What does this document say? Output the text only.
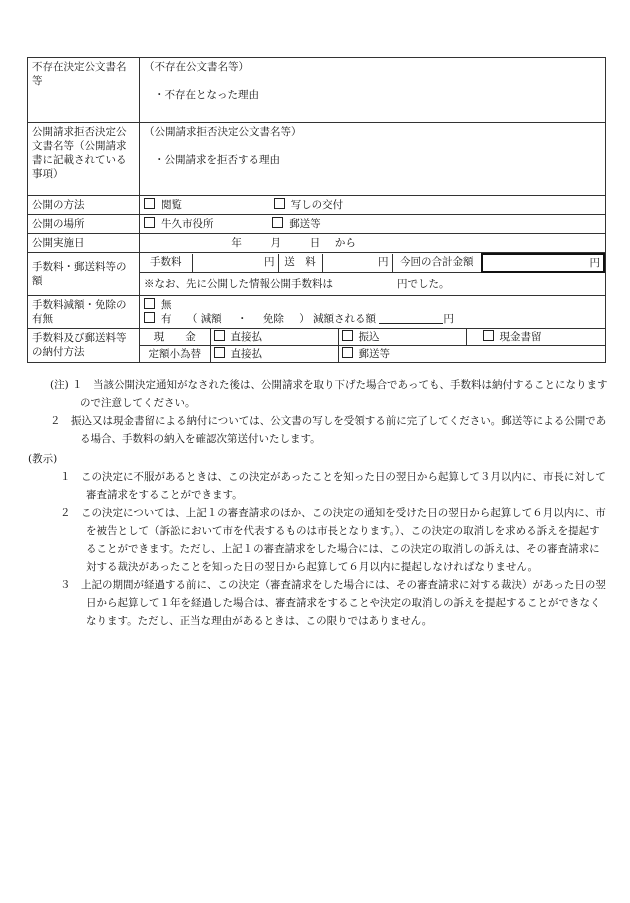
不存在決定公文書名等	
（不存在公文書名等）
・不存在となった理由

公開請求拒否決定公文書名等（公開請求書に記載されている事項）	
（公開請求拒否決定公文書名等）
・公開請求を拒否する理由

公開の方法	閲覧	写しの交付
公開の場所	牛久市役所	郵送等
公開実施日	年	月	日 から
手数料・郵送料等の額	
手数料	円	送　料	円	今回の合計金額	円
※なお、先に公開した情報公開手数料は	円でした。

手数料減額・免除の有無	
無
有 （ 減額 ・ 免除 ） 減額される額	円

手数料及び郵送料等の納付方法	
現　　金	直接払	振込	現金書留
定額小為替	直接払	郵送等

(注) １　 当該公開決定通知がなされた後は、公開請求を取り下げた場合であっても、手数料は納付することになりますので注意してください。

２　 振込又は現金書留による納付については、公文書の写しを受領する前に完了してください。郵送等による公開である場合、手数料の納入を確認次第送付いたします。

(教示)

１　 この決定に不服があるときは、この決定があったことを知った日の翌日から起算して３月以内に、市長に対して審査請求をすることができます。

２　 この決定については、上記１の審査請求のほか、この決定の通知を受けた日の翌日から起算して６月以内に、市を被告として（訴訟において市を代表するものは市長となります。）、この決定の取消しを求める訴えを提起することができます。ただし、上記１の審査請求をした場合には、この決定の取消しの訴えは、その審査請求に対する裁決があったことを知った日の翌日から起算して６月以内に提起しなければなりません。

３　 上記の期間が経過する前に、この決定（審査請求をした場合には、その審査請求に対する裁決）があった日の翌日から起算して１年を経過した場合は、審査請求をすることや決定の取消しの訴えを提起することができなくなります。ただし、正当な理由があるときは、この限りではありません。
